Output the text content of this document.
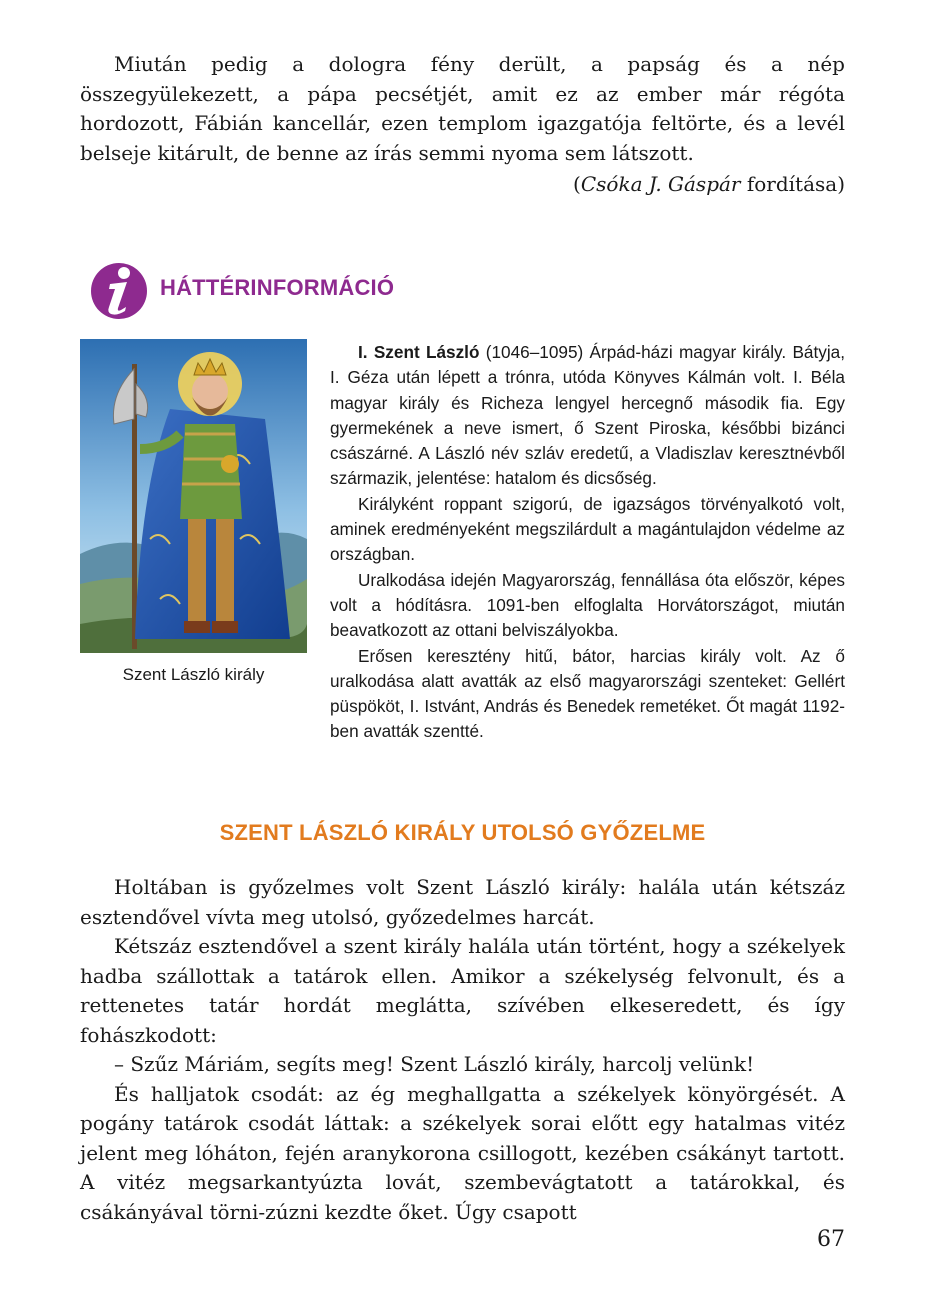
Miután pedig a dologra fény derült, a papság és a nép összegyülekezett, a pápa pecsétjét, amit ez az ember már régóta hordozott, Fábián kancellár, ezen templom igazgatója feltörte, és a levél belseje kitárult, de benne az írás semmi nyoma sem látszott.

(Csóka J. Gáspár fordítása)
HÁTTÉRINFORMÁCIÓ
Szent László király

I. Szent László (1046–1095) Árpád-házi magyar király. Bátyja, I. Géza után lépett a trónra, utóda Könyves Kálmán volt. I. Béla magyar király és Richeza lengyel hercegnő második fia. Egy gyermekének a neve ismert, ő Szent Piroska, későbbi bizánci császárné. A László név szláv eredetű, a Vladiszlav keresztnévből származik, jelentése: hatalom és dicsőség.

Királyként roppant szigorú, de igazságos törvényalkotó volt, aminek eredményeként megszilárdult a magántulajdon védelme az országban.

Uralkodása idején Magyarország, fennállása óta először, képes volt a hódításra. 1091-ben elfoglalta Horvátországot, miután beavatkozott az ottani belviszályokba.

Erősen keresztény hitű, bátor, harcias király volt. Az ő uralkodása alatt avatták az első magyarországi szenteket: Gellért püspököt, I. Istvánt, András és Benedek remetéket. Őt magát 1192-ben avatták szentté.

SZENT LÁSZLÓ KIRÁLY UTOLSÓ GYŐZELME

Holtában is győzelmes volt Szent László király: halála után kétszáz esztendővel vívta meg utolsó, győzedelmes harcát.

Kétszáz esztendővel a szent király halála után történt, hogy a székelyek hadba szállottak a tatárok ellen. Amikor a székelység felvonult, és a rettenetes tatár hordát meglátta, szívében elkeseredett, és így fohászkodott:

– Szűz Máriám, segíts meg! Szent László király, harcolj velünk!

És halljatok csodát: az ég meghallgatta a székelyek könyörgését. A pogány tatárok csodát láttak: a székelyek sorai előtt egy hatalmas vitéz jelent meg lóháton, fején aranykorona csillogott, kezében csákányt tartott. A vitéz megsarkantyúzta lovát, szembevágtatott a tatárokkal, és csákányával törni-zúzni kezdte őket. Úgy csapott

67
